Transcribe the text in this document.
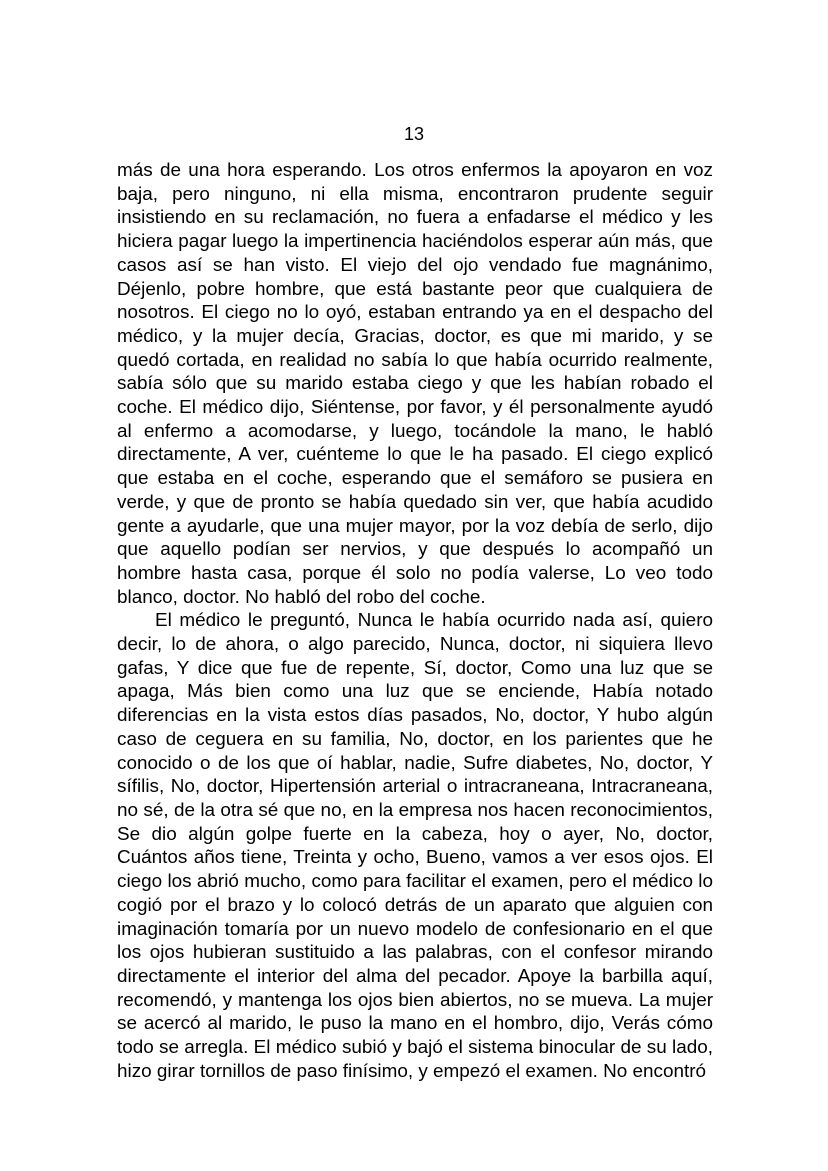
13

más de una hora esperando. Los otros enfermos la apoyaron en voz baja, pero ninguno, ni ella misma, encontraron prudente seguir insistiendo en su reclamación, no fuera a enfadarse el médico y les hiciera pagar luego la impertinencia haciéndolos esperar aún más, que casos así se han visto. El viejo del ojo vendado fue magnánimo, Déjenlo, pobre hombre, que está bastante peor que cualquiera de nosotros. El ciego no lo oyó, estaban entrando ya en el despacho del médico, y la mujer decía, Gracias, doctor, es que mi marido, y se quedó cortada, en realidad no sabía lo que había ocurrido realmente, sabía sólo que su marido estaba ciego y que les habían robado el coche. El médico dijo, Siéntense, por favor, y él personalmente ayudó al enfermo a acomodarse, y luego, tocándole la mano, le habló directamente, A ver, cuénteme lo que le ha pasado. El ciego explicó que estaba en el coche, esperando que el semáforo se pusiera en verde, y que de pronto se había quedado sin ver, que había acudido gente a ayudarle, que una mujer mayor, por la voz debía de serlo, dijo que aquello podían ser nervios, y que después lo acompañó un hombre hasta casa, porque él solo no podía valerse, Lo veo todo blanco, doctor. No habló del robo del coche.

El médico le preguntó, Nunca le había ocurrido nada así, quiero decir, lo de ahora, o algo parecido, Nunca, doctor, ni siquiera llevo gafas, Y dice que fue de repente, Sí, doctor, Como una luz que se apaga, Más bien como una luz que se enciende, Había notado diferencias en la vista estos días pasados, No, doctor, Y hubo algún caso de ceguera en su familia, No, doctor, en los parientes que he conocido o de los que oí hablar, nadie, Sufre diabetes, No, doctor, Y sífilis, No, doctor, Hipertensión arterial o intracraneana, Intracraneana, no sé, de la otra sé que no, en la empresa nos hacen reconocimientos, Se dio algún golpe fuerte en la cabeza, hoy o ayer, No, doctor, Cuántos años tiene, Treinta y ocho, Bueno, vamos a ver esos ojos. El ciego los abrió mucho, como para facilitar el examen, pero el médico lo cogió por el brazo y lo colocó detrás de un aparato que alguien con imaginación tomaría por un nuevo modelo de confesionario en el que los ojos hubieran sustituido a las palabras, con el confesor mirando directamente el interior del alma del pecador. Apoye la barbilla aquí, recomendó, y mantenga los ojos bien abiertos, no se mueva. La mujer se acercó al marido, le puso la mano en el hombro, dijo, Verás cómo todo se arregla. El médico subió y bajó el sistema binocular de su lado, hizo girar tornillos de paso finísimo, y empezó el examen. No encontró
